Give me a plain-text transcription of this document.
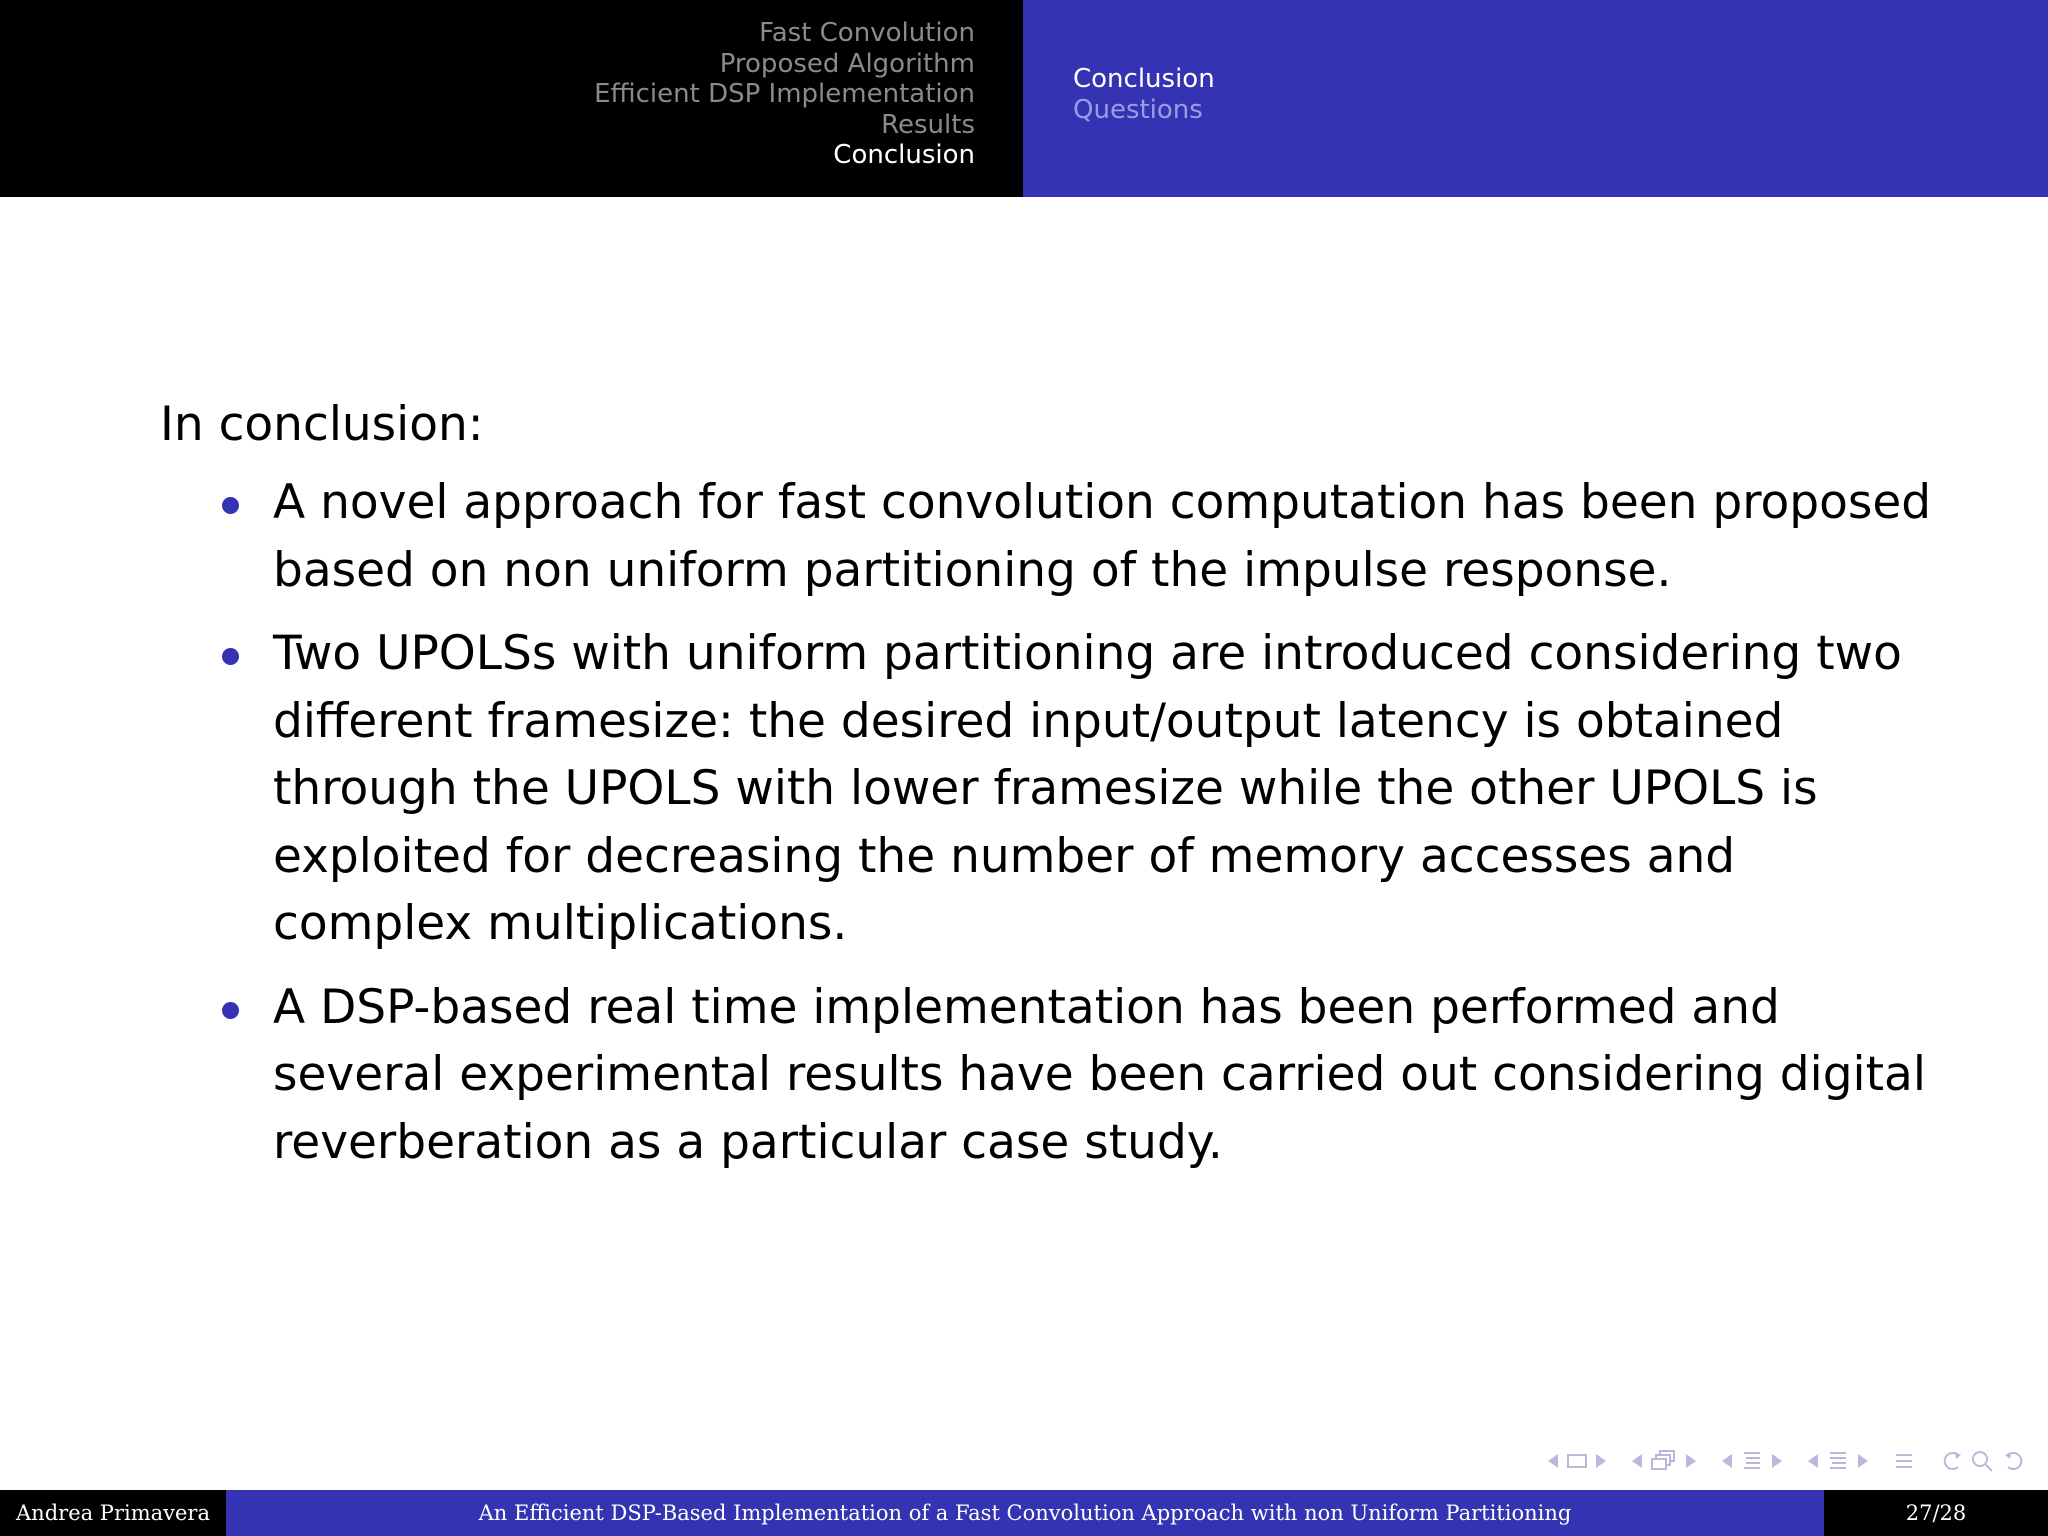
Fast Convolution
Proposed Algorithm
Efficient DSP Implementation
Results
Conclusion
Conclusion
Questions

In conclusion:

A novel approach for fast convolution computation has been proposed based on non uniform partitioning of the impulse response.
Two UPOLSs with uniform partitioning are introduced considering two different framesize: the desired input/output latency is obtained through the UPOLS with lower framesize while the other UPOLS is exploited for decreasing the number of memory accesses and complex multiplications.
A DSP-based real time implementation has been performed and several experimental results have been carried out considering digital reverberation as a particular case study.
Andrea Primavera	An Efficient DSP-Based Implementation of a Fast Convolution Approach with non Uniform Partitioning	27/28
